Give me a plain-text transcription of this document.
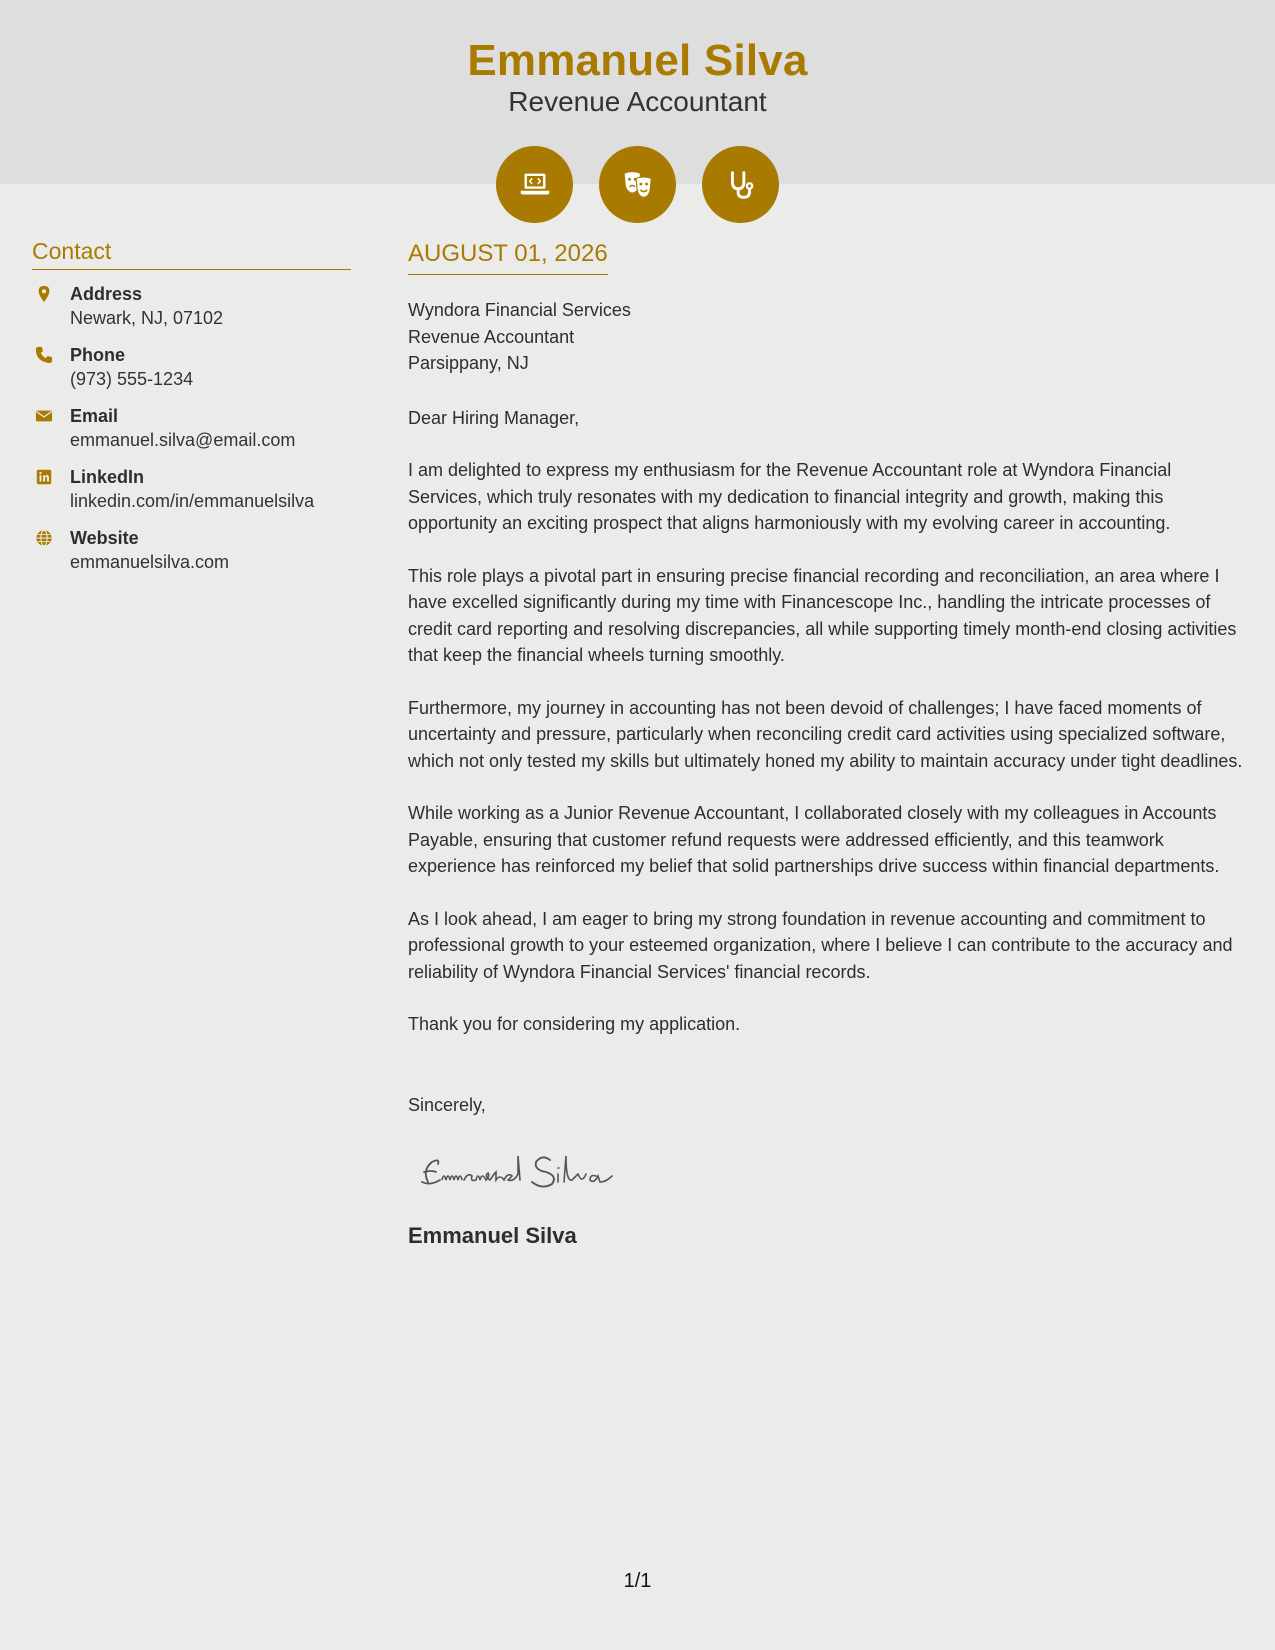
Emmanuel Silva
Revenue Accountant
Contact
Address
Newark, NJ, 07102
Phone
(973) 555-1234
Email
emmanuel.silva@email.com
LinkedIn
linkedin.com/in/emmanuelsilva
Website
emmanuelsilva.com
AUGUST 01, 2026

Wyndora Financial Services

Revenue Accountant

Parsippany, NJ

Dear Hiring Manager,

I am delighted to express my enthusiasm for the Revenue Accountant role at Wyndora Financial Services, which truly resonates with my dedication to financial integrity and growth, making this opportunity an exciting prospect that aligns harmoniously with my evolving career in accounting.

This role plays a pivotal part in ensuring precise financial recording and reconciliation, an area where I have excelled significantly during my time with Financescope Inc., handling the intricate processes of credit card reporting and resolving discrepancies, all while supporting timely month-end closing activities that keep the financial wheels turning smoothly.

Furthermore, my journey in accounting has not been devoid of challenges; I have faced moments of uncertainty and pressure, particularly when reconciling credit card activities using specialized software, which not only tested my skills but ultimately honed my ability to maintain accuracy under tight deadlines.

While working as a Junior Revenue Accountant, I collaborated closely with my colleagues in Accounts Payable, ensuring that customer refund requests were addressed efficiently, and this teamwork experience has reinforced my belief that solid partnerships drive success within financial departments.

As I look ahead, I am eager to bring my strong foundation in revenue accounting and commitment to professional growth to your esteemed organization, where I believe I can contribute to the accuracy and reliability of Wyndora Financial Services' financial records.

Thank you for considering my application.

Sincerely,

Emmanuel Silva
1/1
